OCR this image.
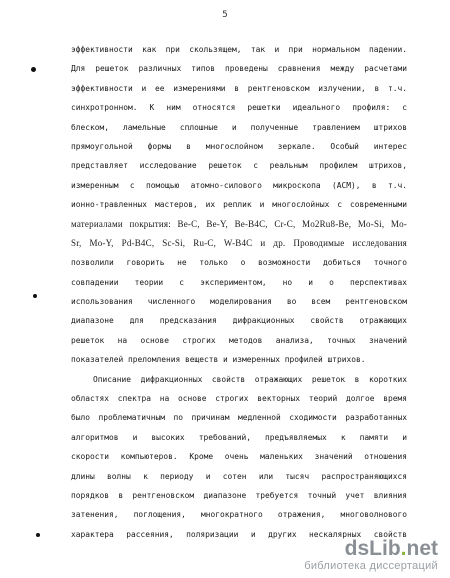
5
эффективности как при скользящем, так и при нормальном падении.
Для решеток различных типов проведены сравнения между расчетами
эффективности и ее измерениями в рентгеновском излучении, в т.ч.
синхротронном. К ним относятся решетки идеального профиля: с
блеском, ламельные сплошные и полученные травлением штрихов
прямоугольной формы в многослойном зеркале. Особый интерес
представляет исследование решеток с реальным профилем штрихов,
измеренным с помощью атомно-силового микроскопа (АСМ), в т.ч.
ионно-травленных мастеров, их реплик и многослойных с современными
материалами покрытия: Be-C, Be-Y, Be-B4C, Cr-C, Mo2Ru8-Be, Mo-Si, Mo-
Sr, Mo-Y, Pd-B4C, Sc-Si, Ru-C, W-B4C и др. Проводимые исследования
позволили говорить не только о возможности добиться точного
совпадении теории с экспериментом, но и о перспективах
использования численного моделирования во всем рентгеновском
диапазоне для предсказания дифракционных свойств отражающих
решеток на основе строгих методов анализа, точных значений
показателей преломления веществ и измеренных профилей штрихов.
Описание дифракционных свойств отражающих решеток в коротких
областях спектра на основе строгих векторных теорий долгое время
было проблематичным по причинам медленной сходимости разработанных
алгоритмов и высоких требований, предъявляемых к памяти и
скорости компьютеров. Кроме очень маленьких значений отношения
длины волны к периоду и сотен или тысяч распространяющихся
порядков в рентгеновском диапазоне требуется точный учет влияния
затенения, поглощения, многократного отражения, многоволнового
характера рассеяния, поляризации и других нескалярных свойств
dsLib.net
библиотека диссертаций
